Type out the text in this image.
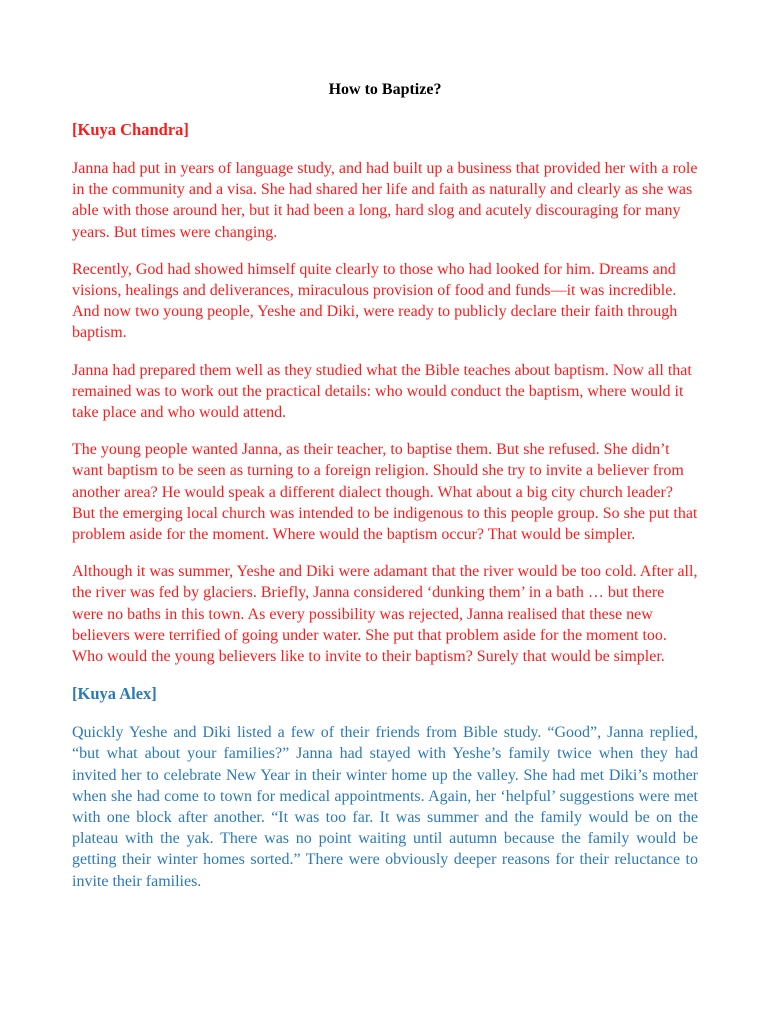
How to Baptize?
[Kuya Chandra]
Janna had put in years of language study, and had built up a business that provided her with a role in the community and a visa. She had shared her life and faith as naturally and clearly as she was able with those around her, but it had been a long, hard slog and acutely discouraging for many years. But times were changing.
Recently, God had showed himself quite clearly to those who had looked for him. Dreams and visions, healings and deliverances, miraculous provision of food and funds—it was incredible. And now two young people, Yeshe and Diki, were ready to publicly declare their faith through baptism.
Janna had prepared them well as they studied what the Bible teaches about baptism. Now all that remained was to work out the practical details: who would conduct the baptism, where would it take place and who would attend.
The young people wanted Janna, as their teacher, to baptise them. But she refused. She didn’t want baptism to be seen as turning to a foreign religion. Should she try to invite a believer from another area? He would speak a different dialect though. What about a big city church leader? But the emerging local church was intended to be indigenous to this people group. So she put that problem aside for the moment. Where would the baptism occur? That would be simpler.
Although it was summer, Yeshe and Diki were adamant that the river would be too cold. After all, the river was fed by glaciers. Briefly, Janna considered ‘dunking them’ in a bath … but there were no baths in this town. As every possibility was rejected, Janna realised that these new believers were terrified of going under water. She put that problem aside for the moment too. Who would the young believers like to invite to their baptism? Surely that would be simpler.
[Kuya Alex]
Quickly Yeshe and Diki listed a few of their friends from Bible study. “Good”, Janna replied, “but what about your families?” Janna had stayed with Yeshe’s family twice when they had invited her to celebrate New Year in their winter home up the valley. She had met Diki’s mother when she had come to town for medical appointments. Again, her ‘helpful’ suggestions were met with one block after another. “It was too far. It was summer and the family would be on the plateau with the yak. There was no point waiting until autumn because the family would be getting their winter homes sorted.” There were obviously deeper reasons for their reluctance to invite their families.
